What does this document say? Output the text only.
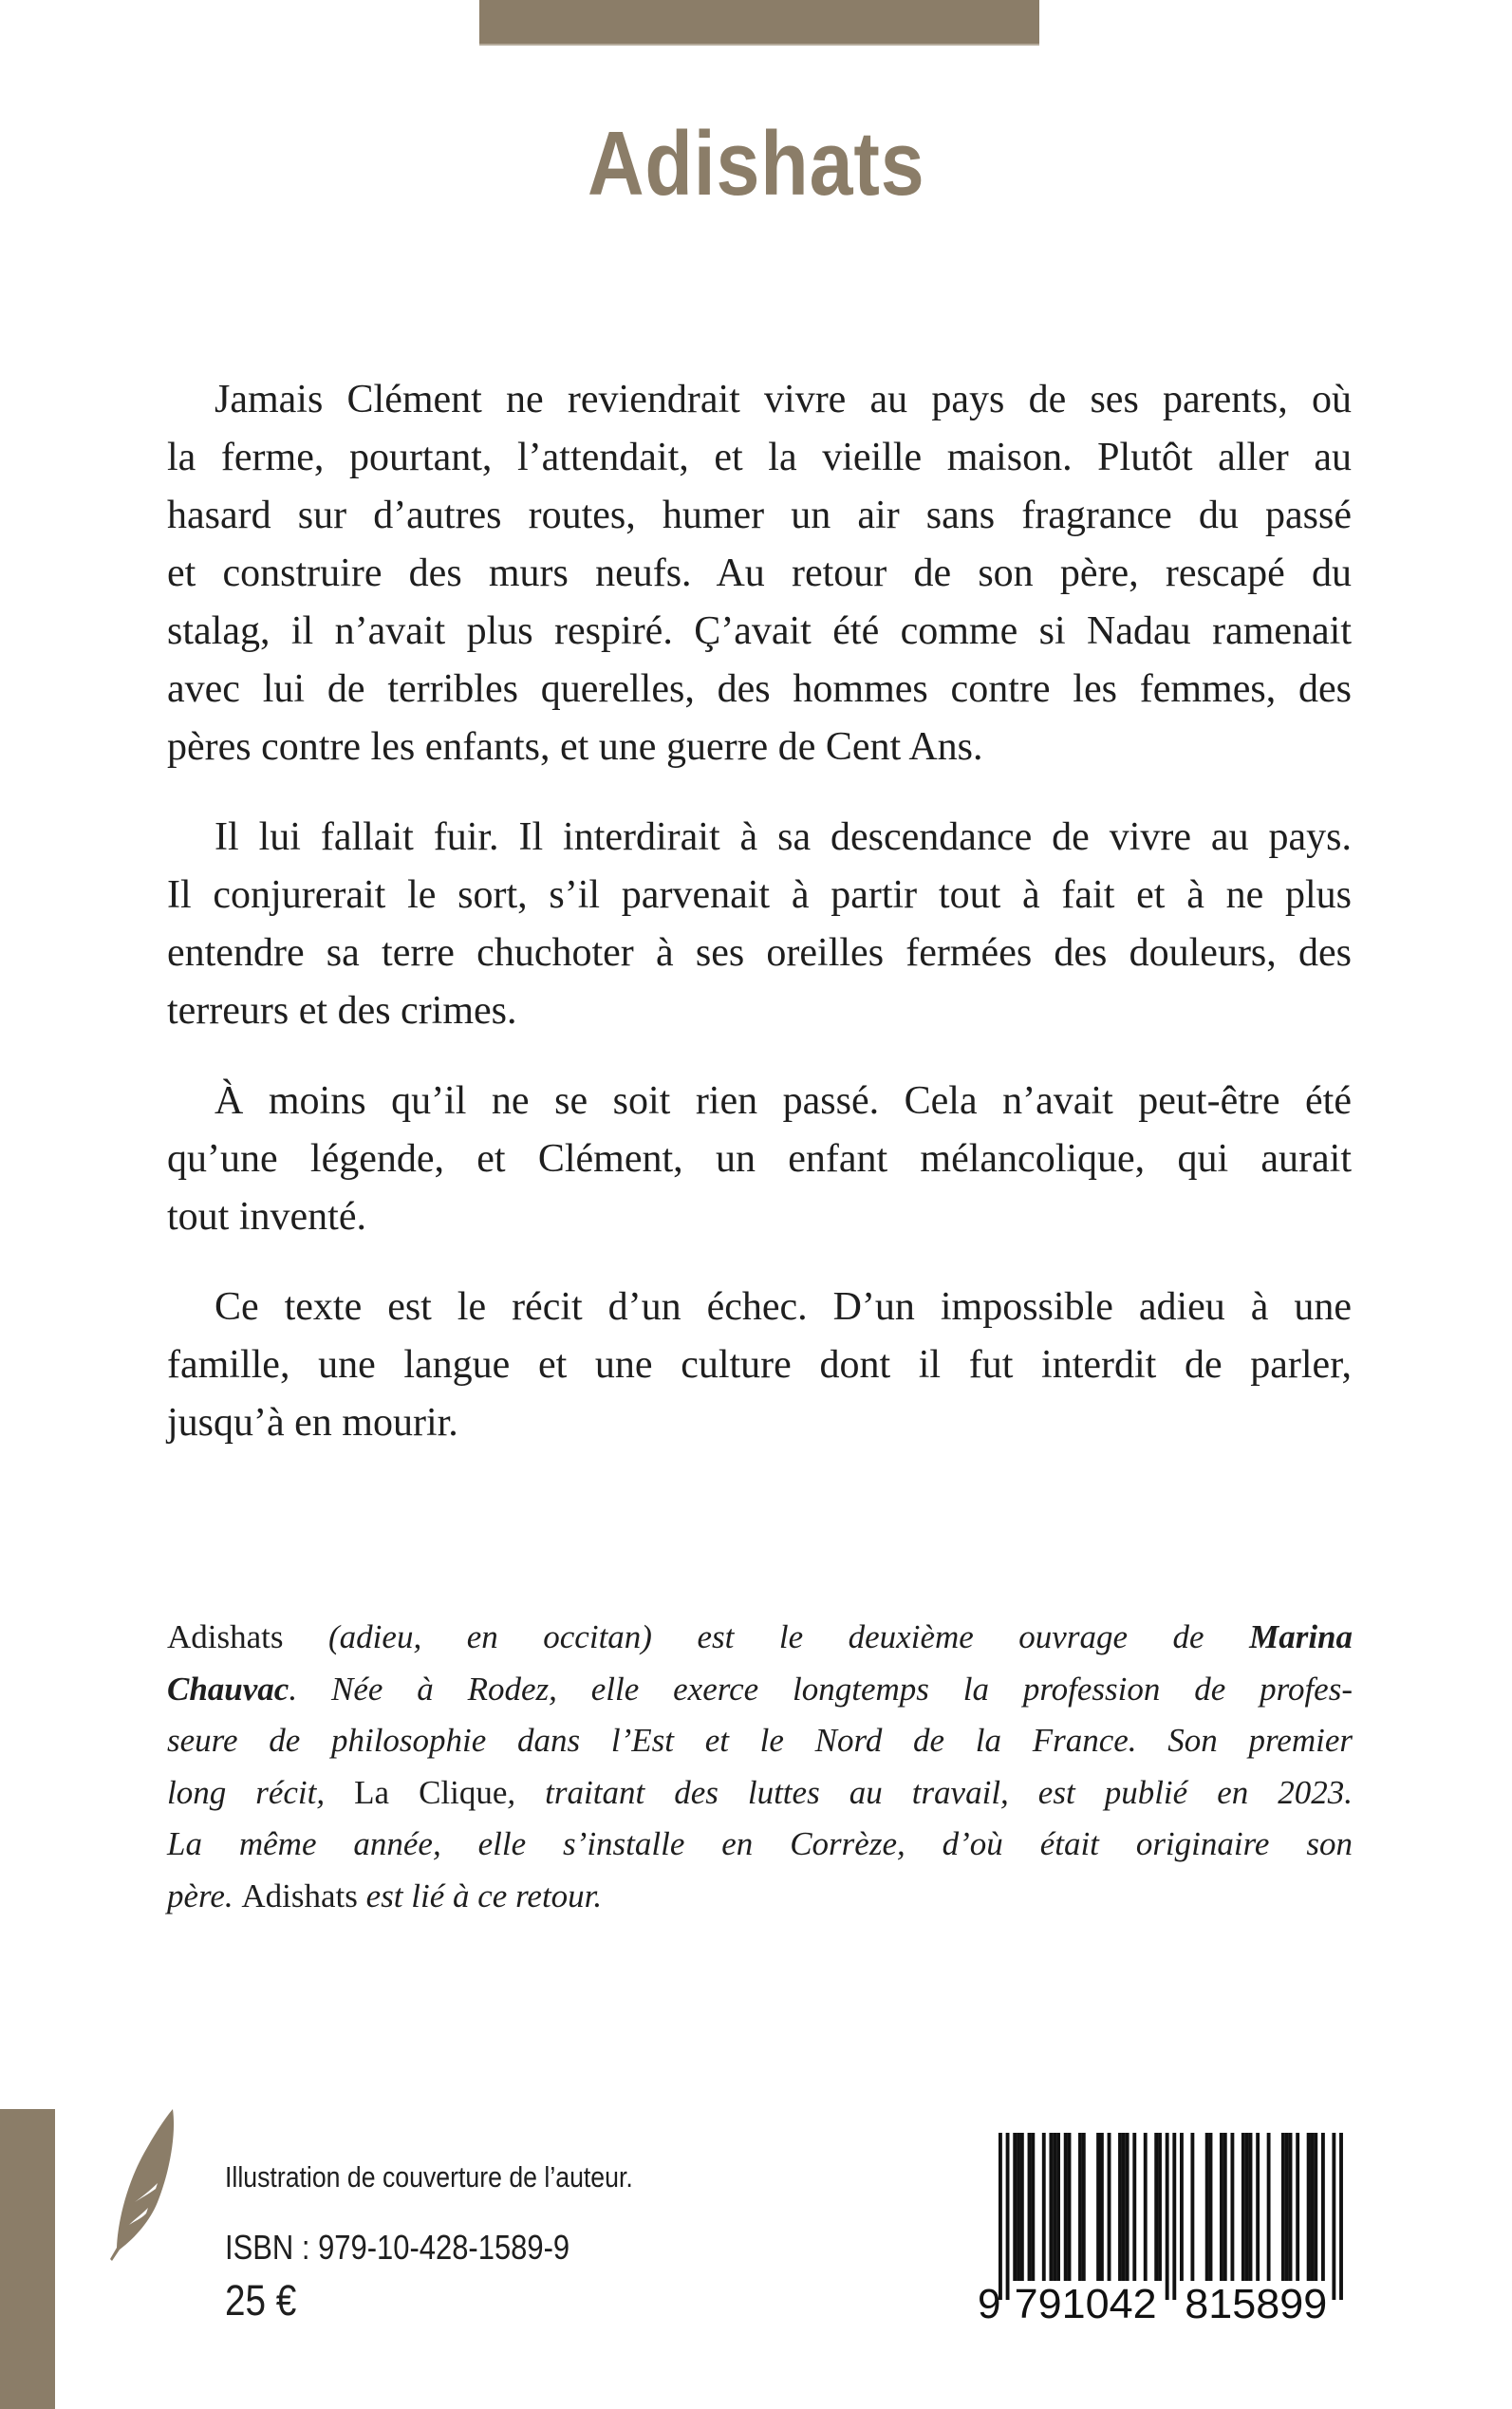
Adishats
Jamais Clément ne reviendrait vivre au pays de ses parents, où
la ferme, pourtant, l’attendait, et la vieille maison. Plutôt aller au
hasard sur d’autres routes, humer un air sans fragrance du passé
et construire des murs neufs. Au retour de son père, rescapé du
stalag, il n’avait plus respiré. Ç’avait été comme si Nadau ramenait
avec lui de terribles querelles, des hommes contre les femmes, des
pères contre les enfants, et une guerre de Cent Ans.
Il lui fallait fuir. Il interdirait à sa descendance de vivre au pays.
Il conjurerait le sort, s’il parvenait à partir tout à fait et à ne plus
entendre sa terre chuchoter à ses oreilles fermées des douleurs, des
terreurs et des crimes.
À moins qu’il ne se soit rien passé. Cela n’avait peut-être été
qu’une légende, et Clément, un enfant mélancolique, qui aurait
tout inventé.
Ce texte est le récit d’un échec. D’un impossible adieu à une
famille, une langue et une culture dont il fut interdit de parler,
jusqu’à en mourir.
Adishats (adieu, en occitan) est le deuxième ouvrage de Marina
Chauvac. Née à Rodez, elle exerce longtemps la profession de profes-
seure de philosophie dans l’Est et le Nord de la France. Son premier
long récit, La Clique, traitant des luttes au travail, est publié en 2023.
La même année, elle s’installe en Corrèze, d’où était originaire son
père. Adishats est lié à ce retour.
Illustration de couverture de l’auteur.
ISBN : 979-10-428-1589-9
25 €	9 791042 815899
